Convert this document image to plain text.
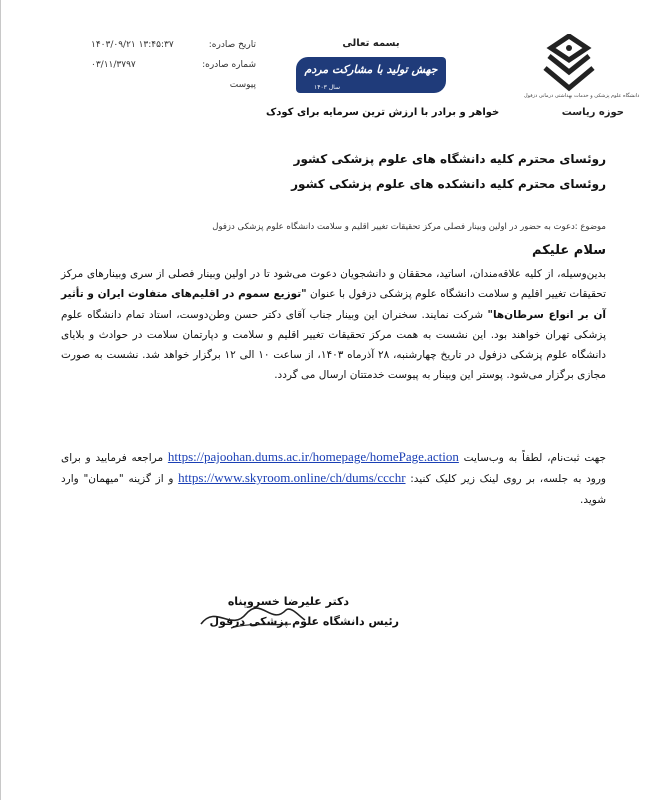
دانشگاه علوم پزشکی و خدمات بهداشتی درمانی دزفول
حوزه ریاست
بسمه تعالی
جهش تولید با مشارکت مردم
سال ۱۴۰۳
خواهر و برادر با ارزش ترین سرمایه برای کودک
تاریخ صادره:
۱۴۰۳/۰۹/۲۱ ۱۳:۴۵:۳۷
شماره صادره:
۰۳/۱۱/۳۷۹۷
پیوست
روئسای محترم کلیه دانشگاه های علوم پزشکی کشور
روئسای محترم کلیه دانشکده های علوم پزشکی کشور
موضوع :دعوت به حضور در اولین وبینار فصلی مرکز تحقیقات تغییر اقلیم و سلامت دانشگاه علوم پزشکی دزفول
سلام علیکم
بدین‌وسیله، از کلیه علاقه‌مندان، اساتید، محققان و دانشجویان دعوت می‌شود تا در اولین وبینار فصلی از سری وبینارهای مرکز تحقیقات تغییر اقلیم و سلامت دانشگاه علوم پزشکی دزفول با عنوان "توزیع سموم در اقلیم‌های متفاوت ایران و تأثیر آن بر انواع سرطان‌ها" شرکت نمایند. سخنران این وبینار جناب آقای دکتر حسن وطن‌دوست، استاد تمام دانشگاه علوم پزشکی تهران خواهند بود. این نشست به همت مرکز تحقیقات تغییر اقلیم و سلامت و دپارتمان سلامت در حوادث و بلایای دانشگاه علوم پزشکی دزفول در تاریخ چهارشنبه، ۲۸ آذرماه ۱۴۰۳، از ساعت ۱۰ الی ۱۲ برگزار خواهد شد. نشست به صورت مجازی برگزار می‌شود. پوستر این وبینار به پیوست خدمتتان ارسال می گردد.
جهت ثبت‌نام، لطفاً به وب‌سایت https://pajoohan.dums.ac.ir/homepage/homePage.action مراجعه فرمایید و برای ورود به جلسه، بر روی لینک زیر کلیک کنید: https://www.skyroom.online/ch/dums/ccchr و از گزینه "میهمان" وارد شوید.
دکتر علیرضا خسروپناه
رئیس دانشگاه علوم پزشکی دزفول
